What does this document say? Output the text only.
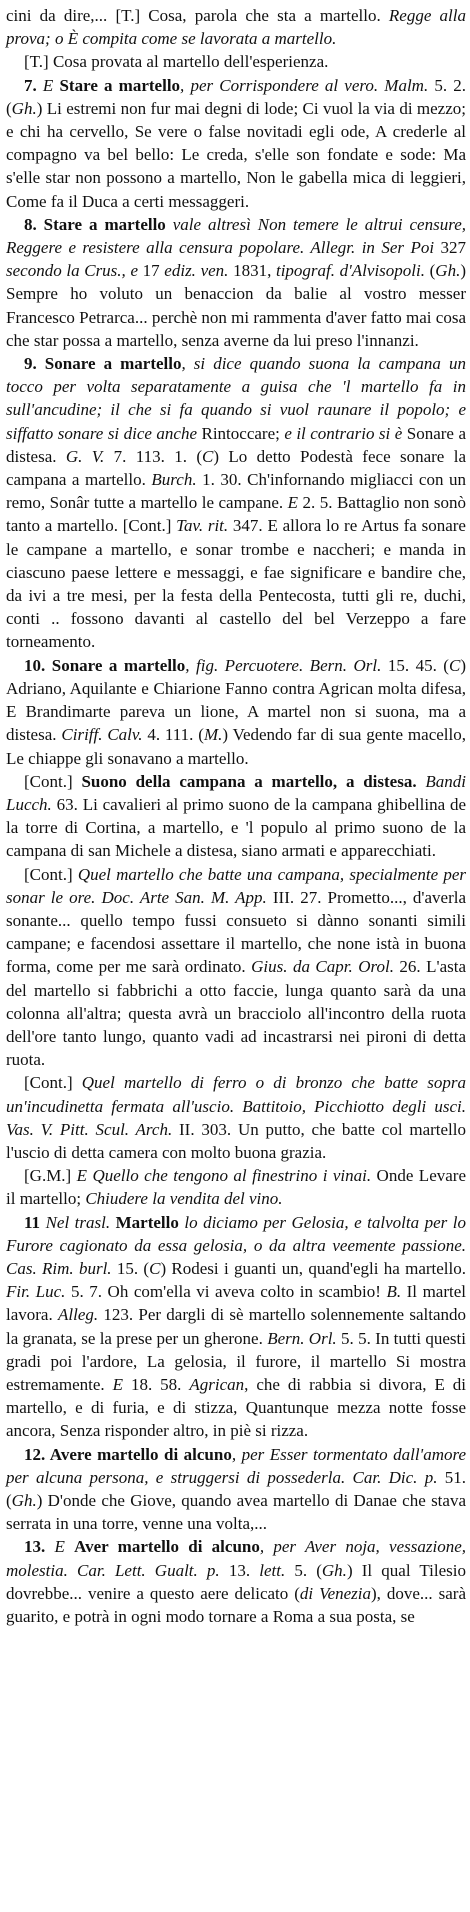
cini da dire,... [T.] Cosa, parola che sta a martello. Regge alla prova; o È compita come se lavorata a martello.

[T.] Cosa provata al martello dell'esperienza.

7. E Stare a martello, per Corrispondere al vero. Malm. 5. 2. (Gh.) Li estremi non fur mai degni di lode; Ci vuol la via di mezzo; e chi ha cervello, Se vere o false novitadi egli ode, A crederle al compagno va bel bello: Le creda, s'elle son fondate e sode: Ma s'elle star non possono a martello, Non le gabella mica di leggieri, Come fa il Duca a certi messaggeri.

8. Stare a martello vale altresì Non temere le altrui censure, Reggere e resistere alla censura popolare. Allegr. in Ser Poi 327 secondo la Crus., e 17 ediz. ven. 1831, tipograf. d'Alvisopoli. (Gh.) Sempre ho voluto un benaccion da balie al vostro messer Francesco Petrarca... perchè non mi rammenta d'aver fatto mai cosa che star possa a martello, senza averne da lui preso l'innanzi.

9. Sonare a martello, si dice quando suona la campana un tocco per volta separatamente a guisa che 'l martello fa in sull'ancudine; il che si fa quando si vuol raunare il popolo; e siffatto sonare si dice anche Rintoccare; e il contrario si è Sonare a distesa. G. V. 7. 113. 1. (C) Lo detto Podestà fece sonare la campana a martello. Burch. 1. 30. Ch'infornando migliacci con un remo, Sonâr tutte a martello le campane. E 2. 5. Battaglio non sonò tanto a martello. [Cont.] Tav. rit. 347. E allora lo re Artus fa sonare le campane a martello, e sonar trombe e naccheri; e manda in ciascuno paese lettere e messaggi, e fae significare e bandire che, da ivi a tre mesi, per la festa della Pentecosta, tutti gli re, duchi, conti .. fossono davanti al castello del bel Verzeppo a fare torneamento.

10. Sonare a martello, fig. Percuotere. Bern. Orl. 15. 45. (C) Adriano, Aquilante e Chiarione Fanno contra Agrican molta difesa, E Brandimarte pareva un lione, A martel non si suona, ma a distesa. Ciriff. Calv. 4. 111. (M.) Vedendo far di sua gente macello, Le chiappe gli sonavano a martello.

[Cont.] Suono della campana a martello, a distesa. Bandi Lucch. 63. Li cavalieri al primo suono de la campana ghibellina de la torre di Cortina, a martello, e 'l populo al primo suono de la campana di san Michele a distesa, siano armati e apparecchiati.

[Cont.] Quel martello che batte una campana, specialmente per sonar le ore. Doc. Arte San. M. App. III. 27. Prometto..., d'averla sonante... quello tempo fussi consueto si dànno sonanti simili campane; e facendosi assettare il martello, che none istà in buona forma, come per me sarà ordinato. Gius. da Capr. Orol. 26. L'asta del martello si fabbrichi a otto faccie, lunga quanto sarà da una colonna all'altra; questa avrà un bracciolo all'incontro della ruota dell'ore tanto lungo, quanto vadi ad incastrarsi nei pironi di detta ruota.

[Cont.] Quel martello di ferro o di bronzo che batte sopra un'incudinetta fermata all'uscio. Battitoio, Picchiotto degli usci. Vas. V. Pitt. Scul. Arch. II. 303. Un putto, che batte col martello l'uscio di detta camera con molto buona grazia.

[G.M.] E Quello che tengono al finestrino i vinai. Onde Levare il martello; Chiudere la vendita del vino.

11 Nel trasl. Martello lo diciamo per Gelosia, e talvolta per lo Furore cagionato da essa gelosia, o da altra veemente passione. Cas. Rim. burl. 15. (C) Rodesi i guanti un, quand'egli ha martello. Fir. Luc. 5. 7. Oh com'ella vi aveva colto in scambio! B. Il martel lavora. Alleg. 123. Per dargli di sè martello solennemente saltando la granata, se la prese per un gherone. Bern. Orl. 5. 5. In tutti questi gradi poi l'ardore, La gelosia, il furore, il martello Si mostra estremamente. E 18. 58. Agrican, che di rabbia si divora, E di martello, e di furia, e di stizza, Quantunque mezza notte fosse ancora, Senza risponder altro, in piè si rizza.

12. Avere martello di alcuno, per Esser tormentato dall'amore per alcuna persona, e struggersi di possederla. Car. Dic. p. 51. (Gh.) D'onde che Giove, quando avea martello di Danae che stava serrata in una torre, venne una volta,...

13. E Aver martello di alcuno, per Aver noja, vessazione, molestia. Car. Lett. Gualt. p. 13. lett. 5. (Gh.) Il qual Tilesio dovrebbe... venire a questo aere delicato (di Venezia), dove... sarà guarito, e potrà in ogni modo tornare a Roma a sua posta, se
